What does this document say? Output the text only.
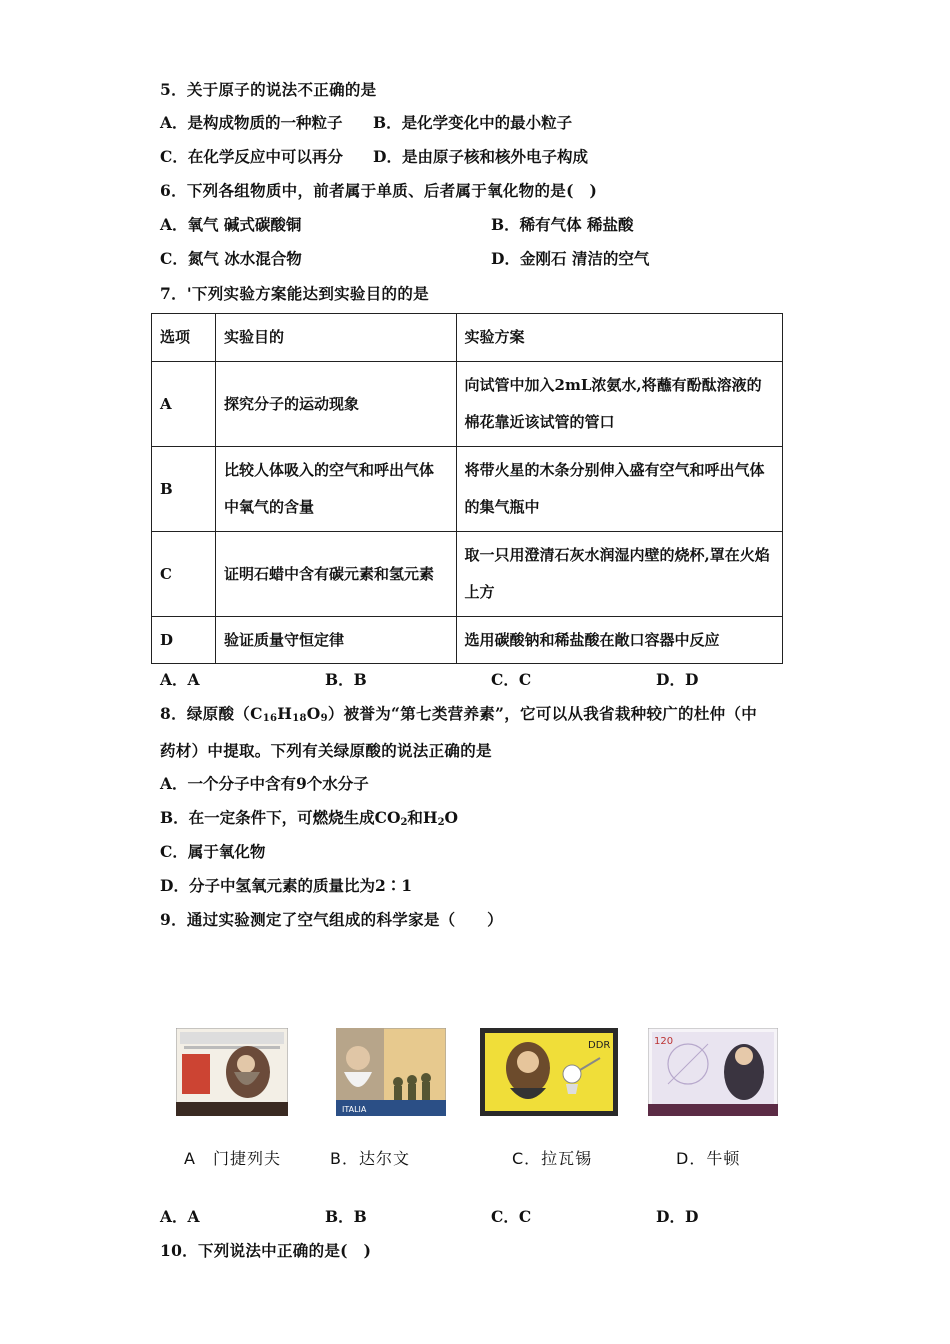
5．关于原子的说法不正确的是
A．是构成物质的一种粒子 B．是化学变化中的最小粒子
C．在化学反应中可以再分 D．是由原子核和核外电子构成
6．下列各组物质中，前者属于单质、后者属于氧化物的是(　)
A．氧气 碱式碳酸铜	B．稀有气体 稀盐酸
C．氮气 冰水混合物	D．金刚石 清洁的空气
7．'下列实验方案能达到实验目的的是
选项	实验目的	实验方案
A	探究分子的运动现象	向试管中加入2mL浓氨水,将蘸有酚酞溶液的棉花靠近该试管的管口
B	比较人体吸入的空气和呼出气体中氧气的含量	将带火星的木条分别伸入盛有空气和呼出气体的集气瓶中
C	证明石蜡中含有碳元素和氢元素	取一只用澄清石灰水润湿内壁的烧杯,罩在火焰上方
D	验证质量守恒定律	选用碳酸钠和稀盐酸在敞口容器中反应
A．A	B．B	C．C	D．D
8．绿原酸$(C_{16}H_{18}O_9)$被誉为“第七类营养素”，它可以从我省栽种较广的杜仲（中
药材）中提取。下列有关绿原酸的说法正确的是
A．一个分子中含有9个水分子
B．在一定条件下，可燃烧生成$CO_2$和$H_2O$
C．属于氧化物
D．分子中氢氧元素的质量比为2∶1
9．通过实验测定了空气组成的科学家是（　　）
ITALIA
DDR	120
A　门捷列夫	B．达尔文	C．拉瓦锡	D．牛顿
A．A	B．B	C．C	D．D
10．下列说法中正确的是(　)
